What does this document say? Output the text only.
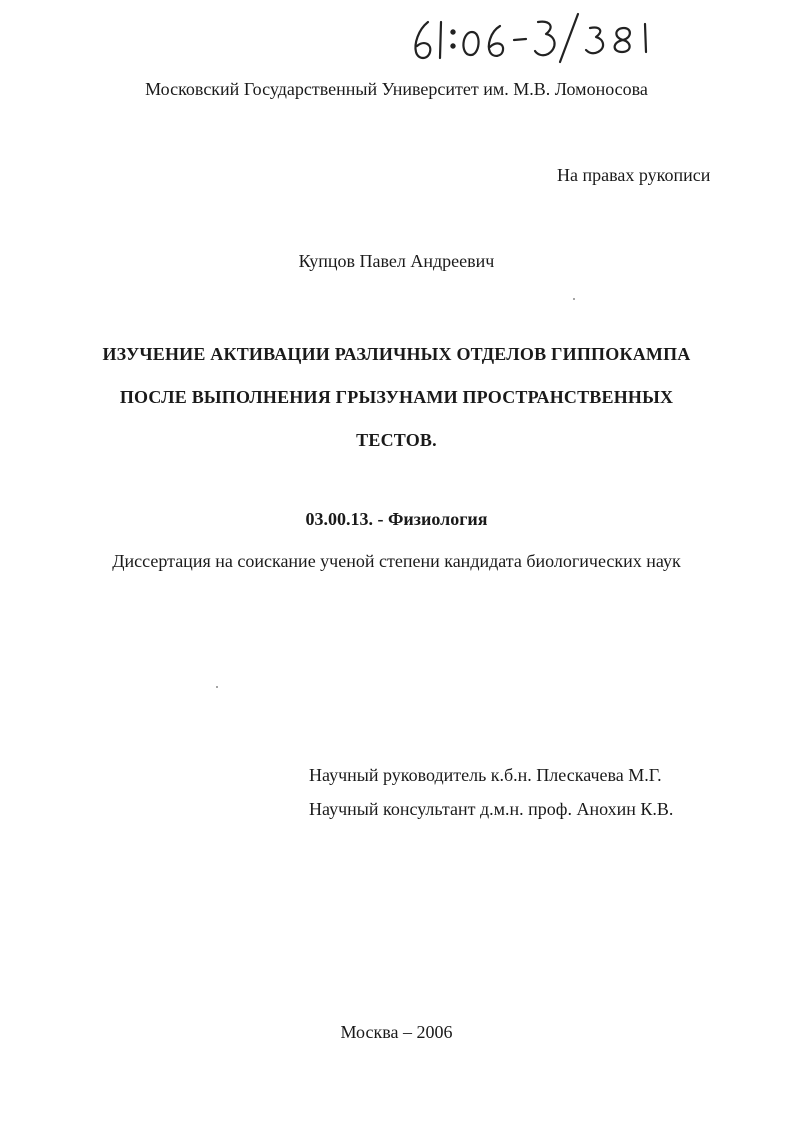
Московский Государственный Университет им. М.В. Ломоносова
На правах рукописи
Купцов Павел Андреевич
ИЗУЧЕНИЕ АКТИВАЦИИ РАЗЛИЧНЫХ ОТДЕЛОВ ГИППОКАМПА
ПОСЛЕ ВЫПОЛНЕНИЯ ГРЫЗУНАМИ ПРОСТРАНСТВЕННЫХ
ТЕСТОВ.
03.00.13. - Физиология
Диссертация на соискание ученой степени кандидата биологических наук
Научный руководитель к.б.н. Плескачева М.Г.
Научный консультант д.м.н. проф. Анохин К.В.
Москва – 2006
